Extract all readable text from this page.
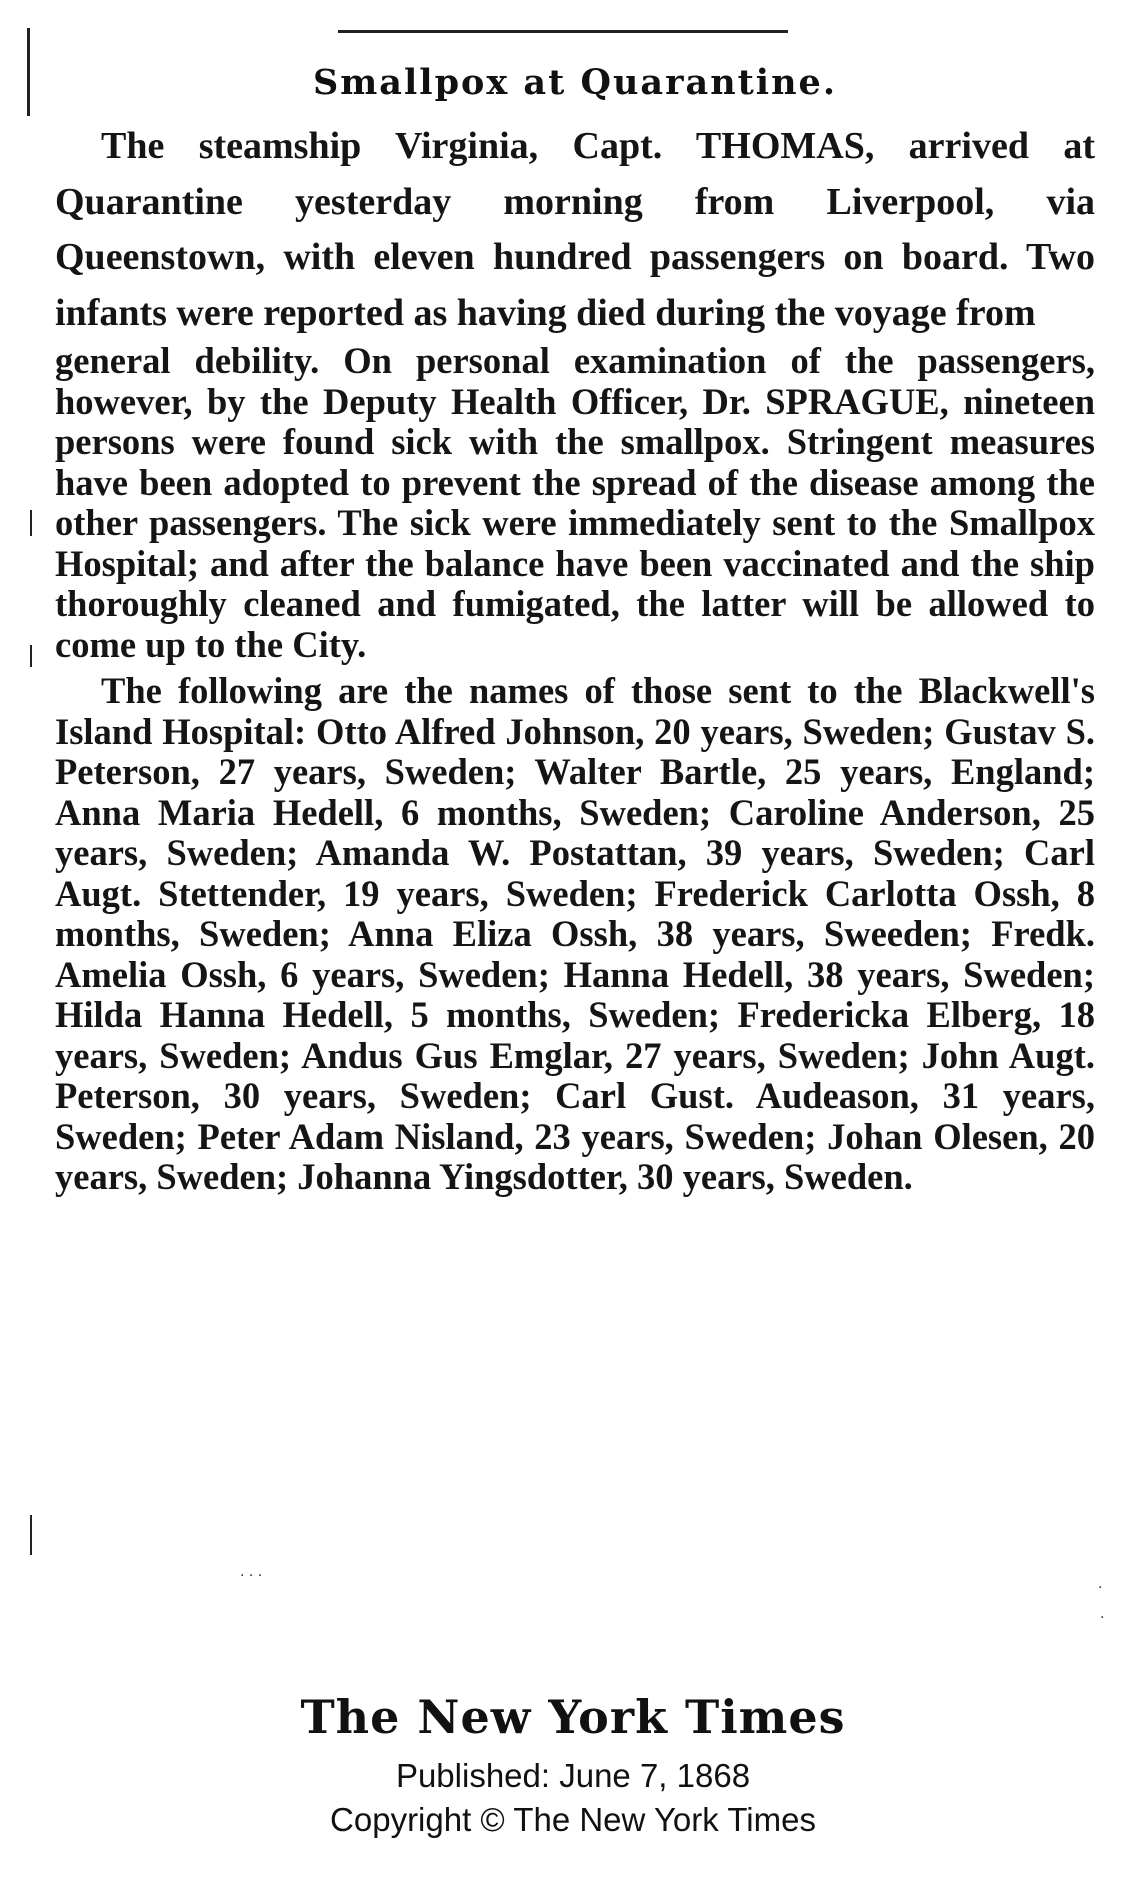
· · ·
·
·
Smallpox at Quarantine.

The steamship Virginia, Capt. THOMAS, arrived at Quarantine yesterday morning from Liverpool, via Queenstown, with eleven hundred passengers on board. Two infants were reported as having died during the voyage from

general debility. On personal examination of the passengers, however, by the Deputy Health Officer, Dr. SPRAGUE, nineteen persons were found sick with the smallpox. Stringent measures have been adopted to prevent the spread of the disease among the other passengers. The sick were immediately sent to the Smallpox Hospital; and after the balance have been vaccinated and the ship thoroughly cleaned and fumigated, the latter will be allowed to come up to the City.

The following are the names of those sent to the Blackwell's Island Hospital: Otto Alfred Johnson, 20 years, Sweden; Gustav S. Peterson, 27 years, Sweden; Walter Bartle, 25 years, England; Anna Maria Hedell, 6 months, Sweden; Caroline Anderson, 25 years, Sweden; Amanda W. Postattan, 39 years, Sweden; Carl Augt. Stettender, 19 years, Sweden; Frederick Carlotta Ossh, 8 months, Sweden; Anna Eliza Ossh, 38 years, Sweeden; Fredk. Amelia Ossh, 6 years, Sweden; Hanna Hedell, 38 years, Sweden; Hilda Hanna Hedell, 5 months, Sweden; Fredericka Elberg, 18 years, Sweden; Andus Gus Emglar, 27 years, Sweden; John Augt. Peterson, 30 years, Sweden; Carl Gust. Audeason, 31 years, Sweden; Peter Adam Nisland, 23 years, Sweden; Johan Olesen, 20 years, Sweden; Johanna Yingsdotter, 30 years, Sweden.

The New York Times

Published: June 7, 1868

Copyright © The New York Times
